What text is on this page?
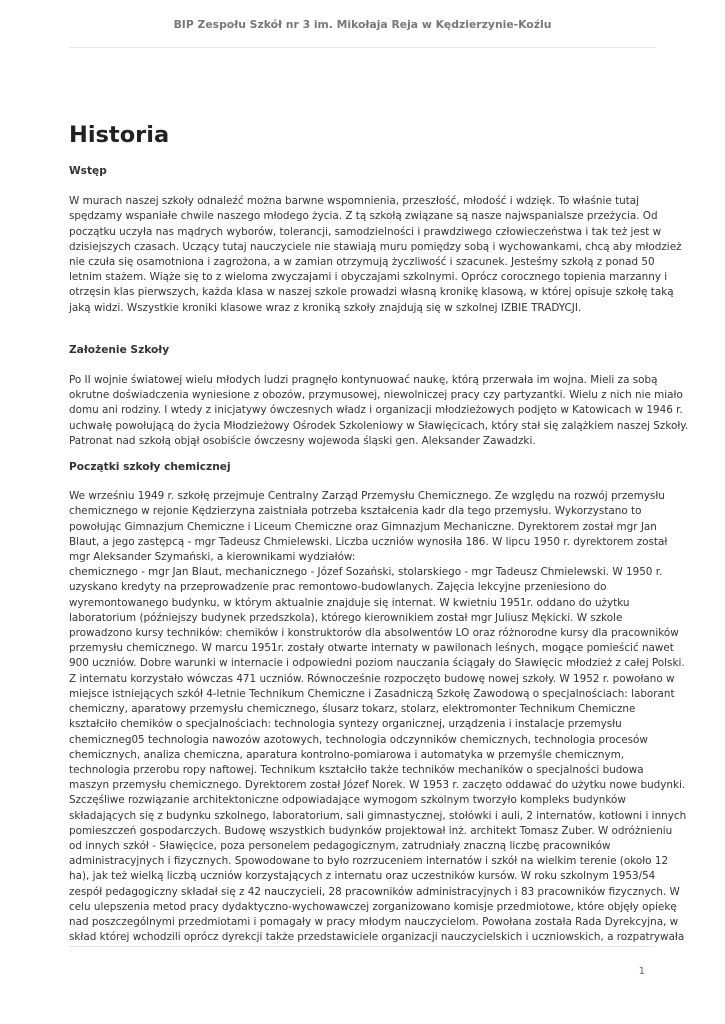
BIP Zespołu Szkół nr 3 im. Mikołaja Reja w Kędzierzynie-Koźlu
Historia
Wstęp
W murach naszej szkoły odnaleźć można barwne wspomnienia, przeszłość, młodość i wdzięk. To właśnie tutaj
spędzamy wspaniałe chwile naszego młodego życia. Z tą szkołą związane są nasze najwspanialsze przeżycia. Od
początku uczyła nas mądrych wyborów, tolerancji, samodzielności i prawdziwego człowieczeństwa i tak też jest w
dzisiejszych czasach. Uczący tutaj nauczyciele nie stawiają muru pomiędzy sobą i wychowankami, chcą aby młodzież
nie czuła się osamotniona i zagrożona, a w zamian otrzymują życzliwość i szacunek. Jesteśmy szkołą z ponad 50
letnim stażem. Wiąże się to z wieloma zwyczajami i obyczajami szkolnymi. Oprócz corocznego topienia marzanny i
otrzęsin klas pierwszych, każda klasa w naszej szkole prowadzi własną kronikę klasową, w której opisuje szkołę taką
jaką widzi. Wszystkie kroniki klasowe wraz z kroniką szkoły znajdują się w szkolnej IZBIE TRADYCJI.
Założenie Szkoły
Po II wojnie światowej wielu młodych ludzi pragnęło kontynuować naukę, którą przerwała im wojna. Mieli za sobą
okrutne doświadczenia wyniesione z obozów, przymusowej, niewolniczej pracy czy partyzantki. Wielu z nich nie miało
domu ani rodziny. I wtedy z inicjatywy ówczesnych władz i organizacji młodzieżowych podjęto w Katowicach w 1946 r.
uchwałę powołującą do życia Młodzieżowy Ośrodek Szkoleniowy w Sławięcicach, który stał się zalążkiem naszej Szkoły.
Patronat nad szkołą objął osobiście ówczesny wojewoda śląski gen. Aleksander Zawadzki.
Początki szkoły chemicznej
We wrześniu 1949 r. szkołę przejmuje Centralny Zarząd Przemysłu Chemicznego. Ze względu na rozwój przemysłu
chemicznego w rejonie Kędzierzyna zaistniała potrzeba kształcenia kadr dla tego przemysłu. Wykorzystano to
powołując Gimnazjum Chemiczne i Liceum Chemiczne oraz Gimnazjum Mechaniczne. Dyrektorem został mgr Jan
Blaut, a jego zastępcą - mgr Tadeusz Chmielewski. Liczba uczniów wynosiła 186. W lipcu 1950 r. dyrektorem został
mgr Aleksander Szymański, a kierownikami wydziałów:
chemicznego - mgr Jan Blaut, mechanicznego - Józef Sozański, stolarskiego - mgr Tadeusz Chmielewski. W 1950 r.
uzyskano kredyty na przeprowadzenie prac remontowo-budowlanych. Zajęcia lekcyjne przeniesiono do
wyremontowanego budynku, w którym aktualnie znajduje się internat. W kwietniu 1951r. oddano do użytku
laboratorium (późniejszy budynek przedszkola), którego kierownikiem został mgr Juliusz Mękicki. W szkole
prowadzono kursy techników: chemików i konstruktorów dla absolwentów LO oraz różnorodne kursy dla pracowników
przemysłu chemicznego. W marcu 1951r. zostały otwarte internaty w pawilonach leśnych, mogące pomieścić nawet
900 uczniów. Dobre warunki w internacie i odpowiedni poziom nauczania ściągały do Sławięcic młodzież z całej Polski.
Z internatu korzystało wówczas 471 uczniów. Równocześnie rozpoczęto budowę nowej szkoły. W 1952 r. powołano w
miejsce istniejących szkół 4-letnie Technikum Chemiczne i Zasadniczą Szkołę Zawodową o specjalnościach: laborant
chemiczny, aparatowy przemysłu chemicznego, ślusarz tokarz, stolarz, elektromonter Technikum Chemiczne
kształciło chemików o specjalnościach: technologia syntezy organicznej, urządzenia i instalacje przemysłu
chemiczneg05 technologia nawozów azotowych, technologia odczynników chemicznych, technologia procesów
chemicznych, analiza chemiczna, aparatura kontrolno-pomiarowa i automatyka w przemyśle chemicznym,
technologia przerobu ropy naftowej. Technikum kształciło także techników mechaników o specjalności budowa
maszyn przemysłu chemicznego. Dyrektorem został Józef Norek. W 1953 r. zaczęto oddawać do użytku nowe budynki.
Szczęśliwe rozwiązanie architektoniczne odpowiadające wymogom szkolnym tworzyło kompleks budynków
składających się z budynku szkolnego, laboratorium, sali gimnastycznej, stołówki i auli, 2 internatów, kotłowni i innych
pomieszczeń gospodarczych. Budowę wszystkich budynków projektował inż. architekt Tomasz Zuber. W odróżnieniu
od innych szkół - Sławięcice, poza personelem pedagogicznym, zatrudniały znaczną liczbę pracowników
administracyjnych i fizycznych. Spowodowane to było rozrzuceniem internatów i szkół na wielkim terenie (około 12
ha), jak też wielką liczbą uczniów korzystających z internatu oraz uczestników kursów. W roku szkolnym 1953/54
zespół pedagogiczny składał się z 42 nauczycieli, 28 pracowników administracyjnych i 83 pracowników fizycznych. W
celu ulepszenia metod pracy dydaktyczno-wychowawczej zorganizowano komisje przedmiotowe, które objęły opiekę
nad poszczególnymi przedmiotami i pomagały w pracy młodym nauczycielom. Powołana została Rada Dyrekcyjna, w
skład której wchodzili oprócz dyrekcji także przedstawiciele organizacji nauczycielskich i uczniowskich, a rozpatrywała
1
